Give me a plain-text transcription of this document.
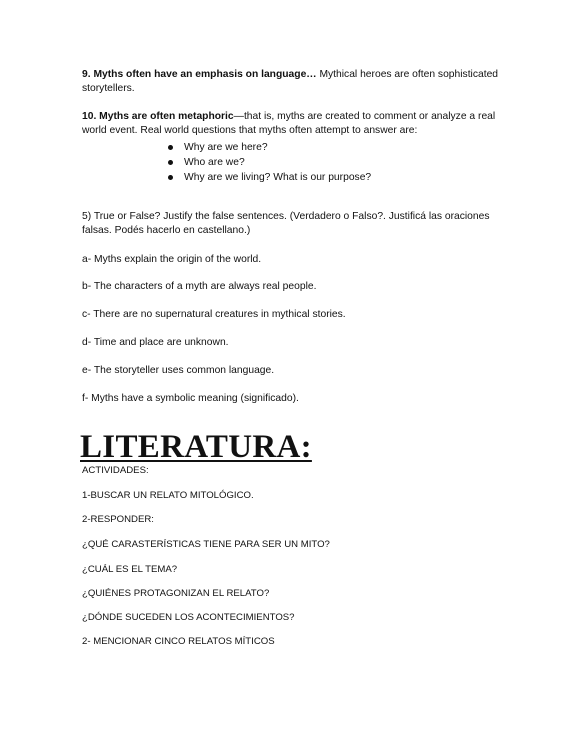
9. Myths often have an emphasis on language… Mythical heroes are often sophisticated storytellers.

10. Myths are often metaphoric—that is, myths are created to comment or analyze a real world event. Real world questions that myths often attempt to answer are:

Why are we here?
Who are we?
Why are we living? What is our purpose?

5) True or False? Justify the false sentences. (Verdadero o Falso?. Justificá las oraciones falsas. Podés hacerlo en castellano.)

a- Myths explain the origin of the world.

b- The characters of a myth are always real people.

c- There are no supernatural creatures in mythical stories.

d- Time and place are unknown.

e- The storyteller uses common language.

f- Myths have a symbolic meaning (significado).

LITERATURA:

ACTIVIDADES:

1-BUSCAR UN RELATO MITOLÓGICO.

2-RESPONDER:

¿QUÉ CARASTERÍSTICAS TIENE PARA SER UN MITO?

¿CUÁL ES EL TEMA?

¿QUIÉNES PROTAGONIZAN EL RELATO?

¿DÓNDE SUCEDEN LOS ACONTECIMIENTOS?

2- MENCIONAR CINCO RELATOS MÍTICOS
